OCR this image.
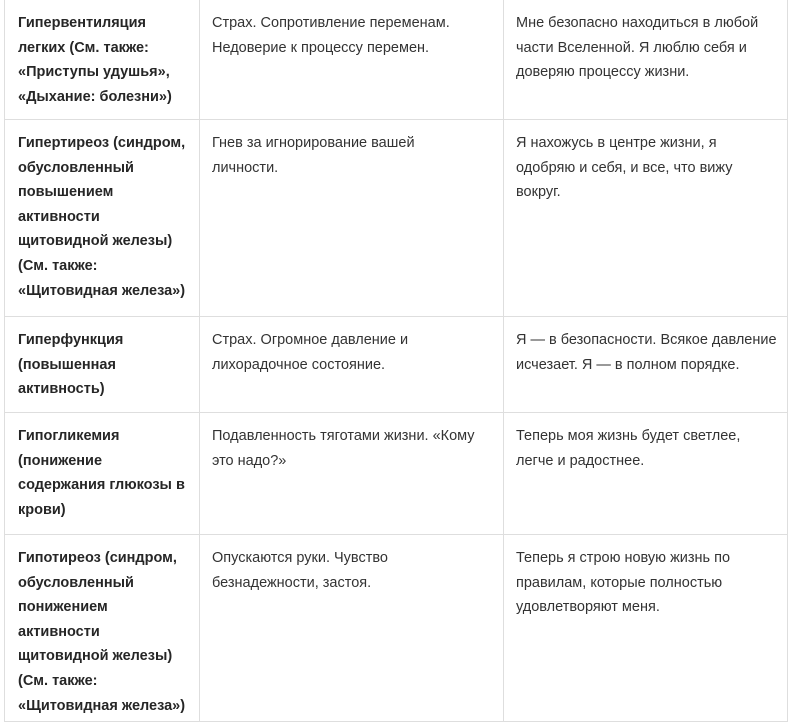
Гипервентиляция легких (См. также: «Приступы удушья», «Дыхание: болезни»)	Страх. Сопротивление переменам. Недоверие к процессу перемен.	Мне безопасно находиться в любой части Вселенной. Я люблю себя и доверяю процессу жизни.

Гипертиреоз (синдром, обусловленный повышением активности щитовидной железы) (См. также: «Щитовидная железа»)	Гнев за игнорирование вашей личности.	Я нахожусь в центре жизни, я одобряю и себя, и все, что вижу вокруг.

Гиперфункция (повышенная активность)	Страх. Огромное давление и лихорадочное состояние.	Я — в безопасности. Всякое давление исчезает. Я — в полном порядке.

Гипогликемия (понижение содержания глюкозы в крови)	Подавленность тяготами жизни. «Кому это надо?»	Теперь моя жизнь будет светлее, легче и радостнее.

Гипотиреоз (синдром, обусловленный понижением активности щитовидной железы) (См. также: «Щитовидная железа»)	Опускаются руки. Чувство безнадежности, застоя.	Теперь я строю новую жизнь по правилам, которые полностью удовлетворяют меня.
